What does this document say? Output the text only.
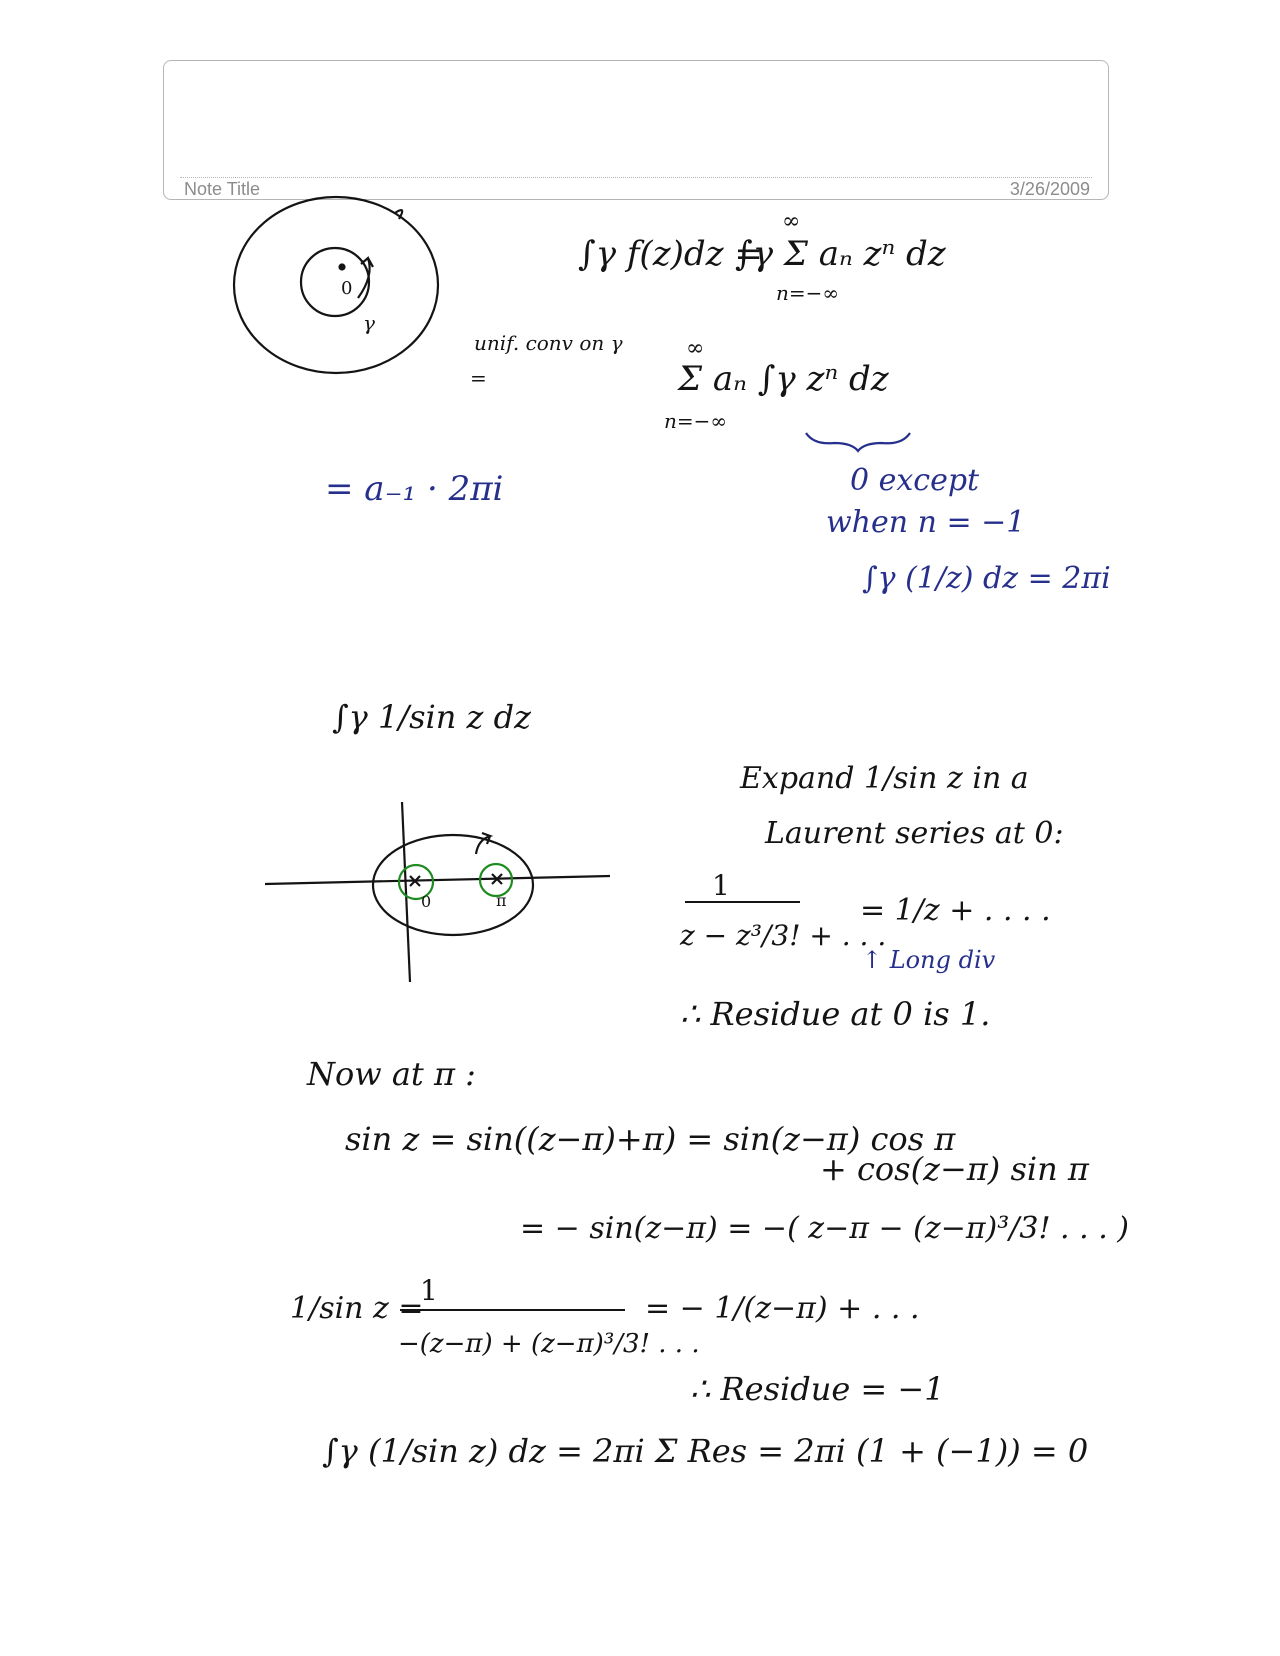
Note Title	3/26/2009
0
γ
∫γ f(z)dz =
∫γ Σ aₙ zⁿ dz
∞
n=−∞
unif. conv on γ
=
∞
Σ aₙ ∫γ zⁿ dz
n=−∞
0 except
when n = −1
∫γ (1/z) dz = 2πi
= a₋₁ · 2πi
∫γ 1/sin z dz
0	π
Expand 1/sin z in a
Laurent series at 0:
1
z − z³/3! + . . .
= 1/z + . . . .
↑ Long div
∴ Residue at 0 is 1.
Now at π :
sin z = sin((z−π)+π) = sin(z−π) cos π
+ cos(z−π) sin π
= − sin(z−π) = −( z−π − (z−π)³/3! . . . )
1/sin z =
1
−(z−π) + (z−π)³/3! . . .
= − 1/(z−π) + . . .
∴ Residue = −1
∫γ (1/sin z) dz = 2πi Σ Res = 2πi (1 + (−1)) = 0
